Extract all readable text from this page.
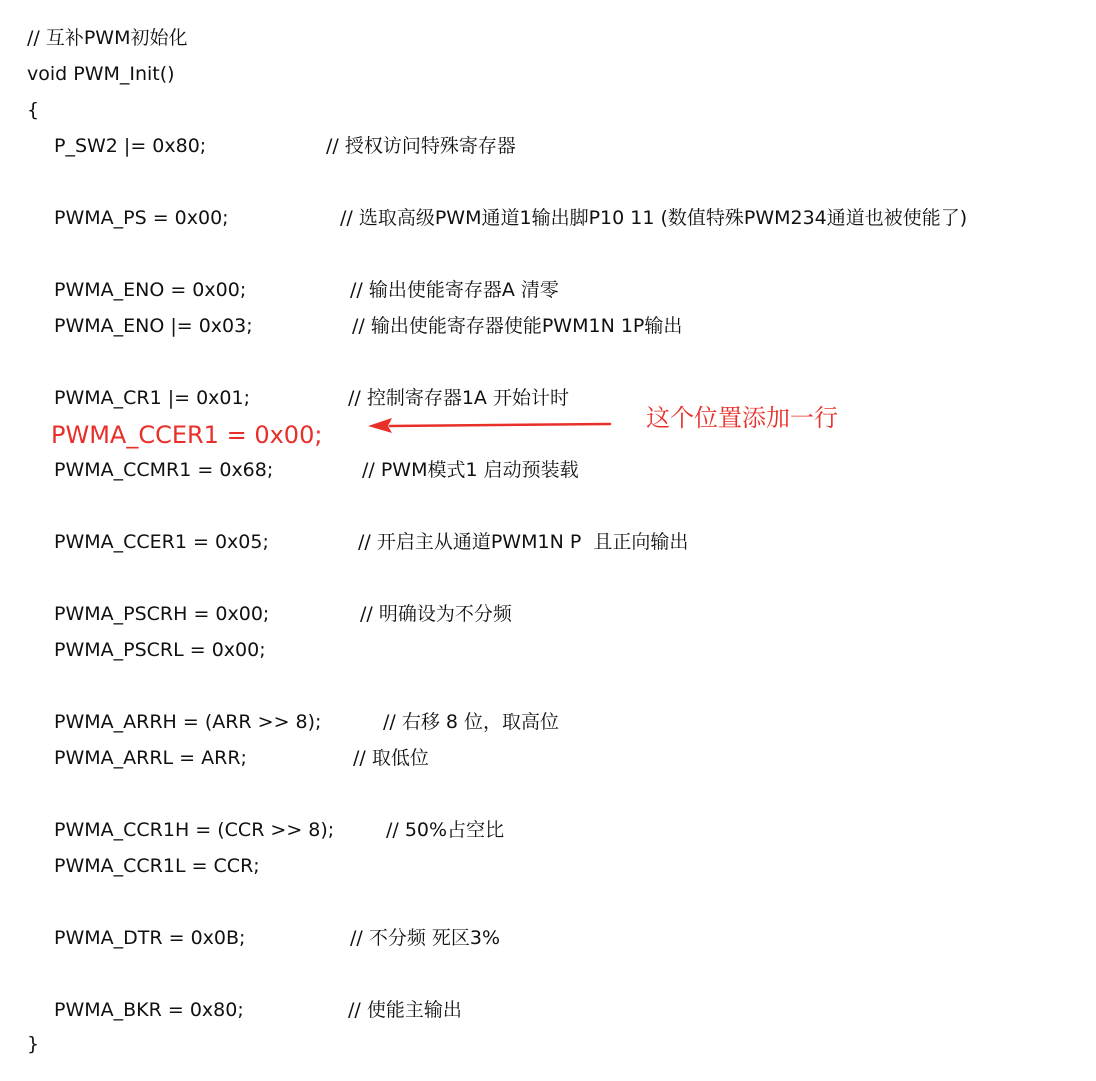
// 互补PWM初始化
void PWM_Init()
{
P_SW2 |= 0x80;	// 授权访问特殊寄存器
PWMA_PS = 0x00;	// 选取高级PWM通道1输出脚P10 11 (数值特殊PWM234通道也被使能了)
PWMA_ENO = 0x00;	// 输出使能寄存器A 清零
PWMA_ENO |= 0x03;	// 输出使能寄存器使能PWM1N 1P输出
PWMA_CR1 |= 0x01;	// 控制寄存器1A 开始计时
PWMA_CCER1 = 0x00;
这个位置添加一行
PWMA_CCMR1 = 0x68;	// PWM模式1 启动预装载
PWMA_CCER1 = 0x05;	// 开启主从通道PWM1N P  且正向输出
PWMA_PSCRH = 0x00;	// 明确设为不分频
PWMA_PSCRL = 0x00;
PWMA_ARRH = (ARR >> 8);	// 右移 8 位，取高位
PWMA_ARRL = ARR;	// 取低位
PWMA_CCR1H = (CCR >> 8);	// 50%占空比
PWMA_CCR1L = CCR;
PWMA_DTR = 0x0B;	// 不分频 死区3%
PWMA_BKR = 0x80;	// 使能主输出
}
